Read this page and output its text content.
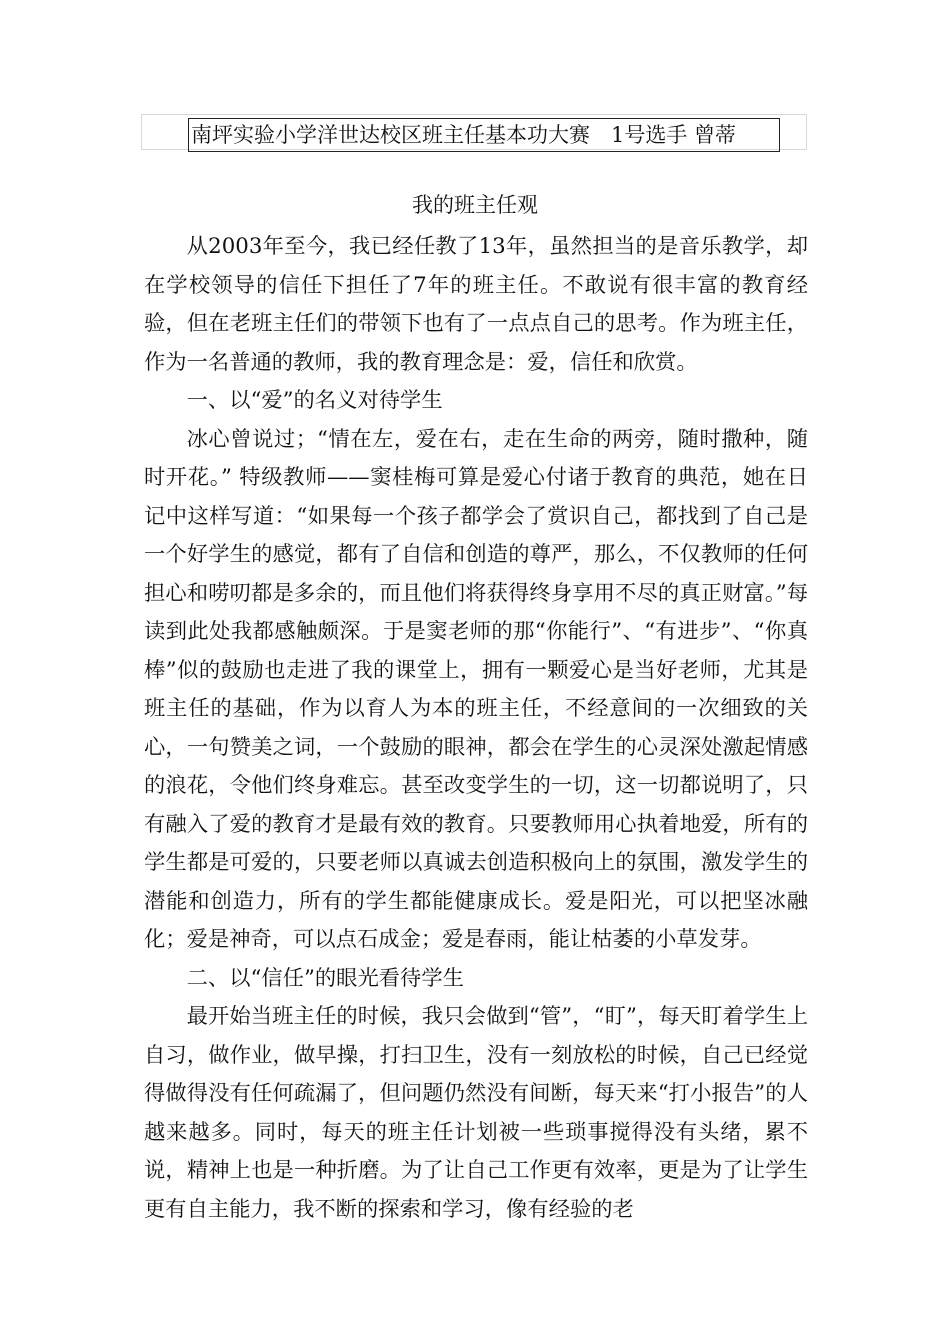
南坪实验小学洋世达校区班主任基本功大赛　1号选手 曾蒂
我的班主任观

从2003年至今，我已经任教了13年，虽然担当的是音乐教学，却在学校领导的信任下担任了7年的班主任。不敢说有很丰富的教育经验，但在老班主任们的带领下也有了一点点自己的思考。作为班主任，作为一名普通的教师，我的教育理念是：爱，信任和欣赏。

一、以“爱”的名义对待学生

冰心曾说过；“情在左，爱在右，走在生命的两旁，随时撒种，随时开花。” 特级教师——窦桂梅可算是爱心付诸于教育的典范，她在日记中这样写道：“如果每一个孩子都学会了赏识自己，都找到了自己是一个好学生的感觉，都有了自信和创造的尊严，那么，不仅教师的任何担心和唠叨都是多余的，而且他们将获得终身享用不尽的真正财富。”每读到此处我都感触颇深。于是窦老师的那“你能行”、“有进步”、“你真棒”似的鼓励也走进了我的课堂上，拥有一颗爱心是当好老师，尤其是班主任的基础，作为以育人为本的班主任，不经意间的一次细致的关心，一句赞美之词，一个鼓励的眼神，都会在学生的心灵深处激起情感的浪花，令他们终身难忘。甚至改变学生的一切，这一切都说明了，只有融入了爱的教育才是最有效的教育。只要教师用心执着地爱，所有的学生都是可爱的，只要老师以真诚去创造积极向上的氛围，激发学生的潜能和创造力，所有的学生都能健康成长。爱是阳光，可以把坚冰融化；爱是神奇，可以点石成金；爱是春雨，能让枯萎的小草发芽。

二、以“信任”的眼光看待学生

最开始当班主任的时候，我只会做到“管”，“盯”，每天盯着学生上自习，做作业，做早操，打扫卫生，没有一刻放松的时候，自己已经觉得做得没有任何疏漏了，但问题仍然没有间断，每天来“打小报告”的人越来越多。同时，每天的班主任计划被一些琐事搅得没有头绪，累不说，精神上也是一种折磨。为了让自己工作更有效率，更是为了让学生更有自主能力，我不断的探索和学习，像有经验的老
